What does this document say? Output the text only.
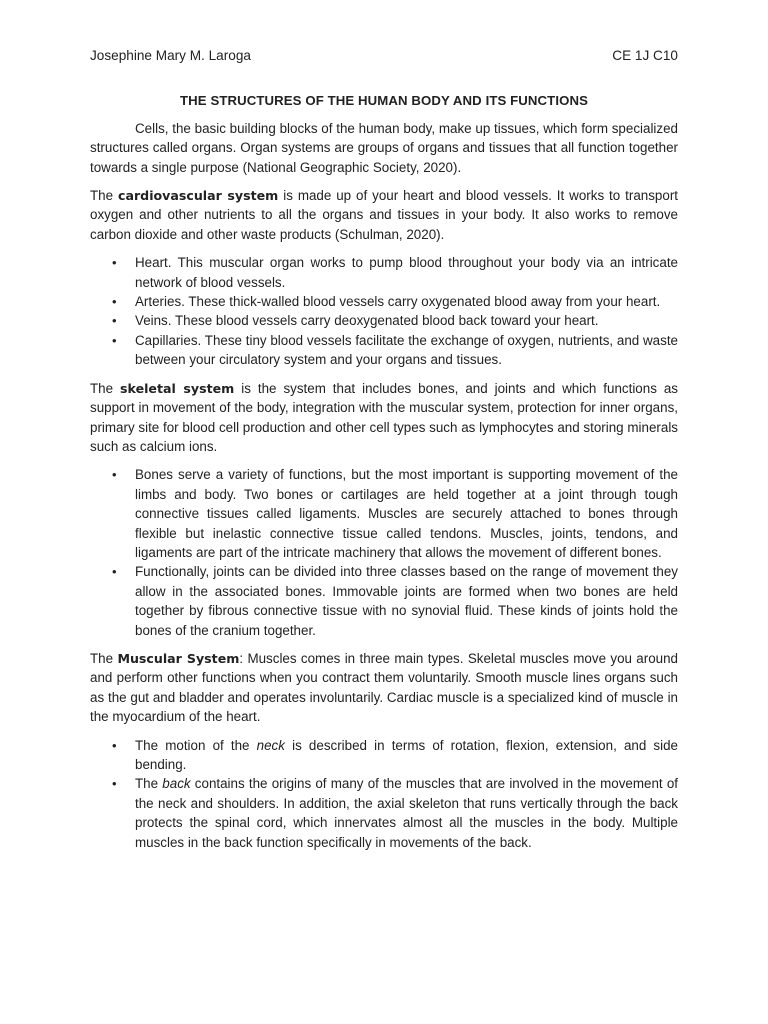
Josephine Mary M. Laroga	CE 1J C10
THE STRUCTURES OF THE HUMAN BODY AND ITS FUNCTIONS

Cells, the basic building blocks of the human body, make up tissues, which form specialized structures called organs. Organ systems are groups of organs and tissues that all function together towards a single purpose (National Geographic Society, 2020).

The cardiovascular system is made up of your heart and blood vessels. It works to transport oxygen and other nutrients to all the organs and tissues in your body. It also works to remove carbon dioxide and other waste products (Schulman, 2020).

• Heart. This muscular organ works to pump blood throughout your body via an intricate network of blood vessels.
• Arteries. These thick-walled blood vessels carry oxygenated blood away from your heart.
• Veins. These blood vessels carry deoxygenated blood back toward your heart.
• Capillaries. These tiny blood vessels facilitate the exchange of oxygen, nutrients, and waste between your circulatory system and your organs and tissues.

The skeletal system is the system that includes bones, and joints and which functions as support in movement of the body, integration with the muscular system, protection for inner organs, primary site for blood cell production and other cell types such as lymphocytes and storing minerals such as calcium ions.

• Bones serve a variety of functions, but the most important is supporting movement of the limbs and body. Two bones or cartilages are held together at a joint through tough connective tissues called ligaments. Muscles are securely attached to bones through flexible but inelastic connective tissue called tendons. Muscles, joints, tendons, and ligaments are part of the intricate machinery that allows the movement of different bones.
• Functionally, joints can be divided into three classes based on the range of movement they allow in the associated bones. Immovable joints are formed when two bones are held together by fibrous connective tissue with no synovial fluid. These kinds of joints hold the bones of the cranium together.

The Muscular System: Muscles comes in three main types. Skeletal muscles move you around and perform other functions when you contract them voluntarily. Smooth muscle lines organs such as the gut and bladder and operates involuntarily. Cardiac muscle is a specialized kind of muscle in the myocardium of the heart.

• The motion of the neck is described in terms of rotation, flexion, extension, and side bending.
• The back contains the origins of many of the muscles that are involved in the movement of the neck and shoulders. In addition, the axial skeleton that runs vertically through the back protects the spinal cord, which innervates almost all the muscles in the body. Multiple muscles in the back function specifically in movements of the back.
